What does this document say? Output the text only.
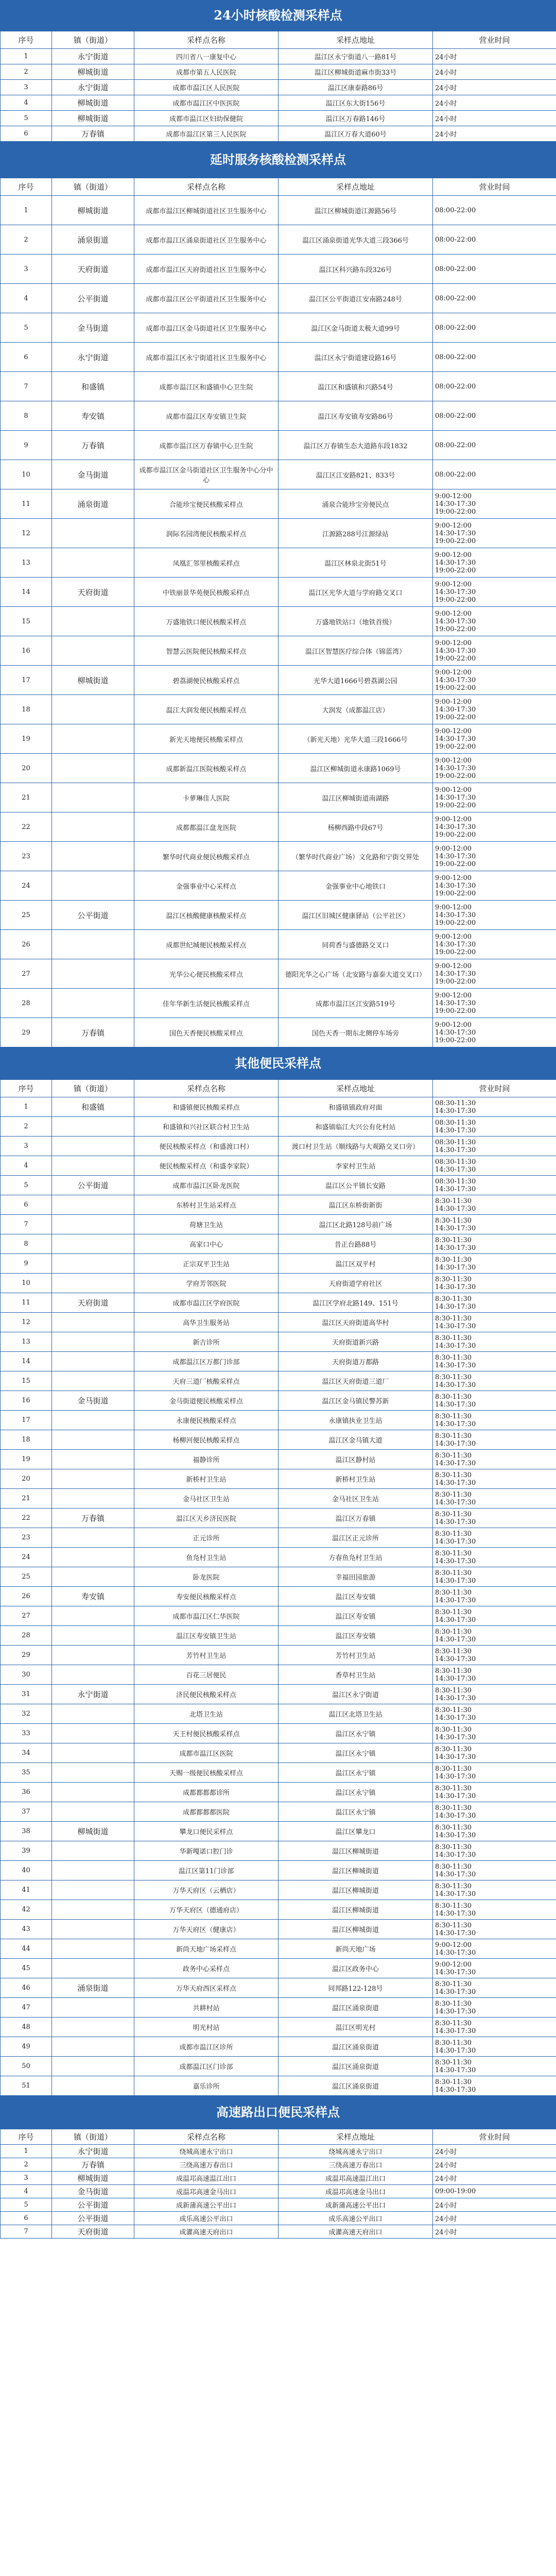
24小时核酸检测采样点
序号	镇（街道）	采样点名称	采样点地址	营业时间
1	永宁街道	四川省八一康复中心	温江区永宁街道八一路81号	24小时
2	柳城街道	成都市第五人民医院	温江区柳城街道麻市街33号	24小时
3	永宁街道	成都市温江区人民医院	温江区康泰路86号	24小时
4	柳城街道	成都市温江区中医医院	温江区东大街156号	24小时
5	柳城街道	成都市温江区妇幼保健院	温江区万春路146号	24小时
6	万春镇	成都市温江区第三人民医院	温江区万春大道60号	24小时
延时服务核酸检测采样点
序号	镇（街道）	采样点名称	采样点地址	营业时间
1	柳城街道	成都市温江区柳城街道社区卫生服务中心	温江区柳城街道江源路56号	08:00-22:00
2	涌泉街道	成都市温江区涌泉街道社区卫生服务中心	温江区涌泉街道光华大道三段366号	08:00-22:00
3	天府街道	成都市温江区天府街道社区卫生服务中心	温江区科兴路东段326号	08:00-22:00
4	公平街道	成都市温江区公平街道社区卫生服务中心	温江区公平街道江安南路248号	08:00-22:00
5	金马街道	成都市温江区金马街道社区卫生服务中心	温江区金马街道太极大道99号	08:00-22:00
6	永宁街道	成都市温江区永宁街道社区卫生服务中心	温江区永宁街道建设路16号	08:00-22:00
7	和盛镇	成都市温江区和盛镇中心卫生院	温江区和盛镇和兴路54号	08:00-22:00
8	寿安镇	成都市温江区寿安镇卫生院	温江区寿安镇寿安路86号	08:00-22:00
9	万春镇	成都市温江区万春镇中心卫生院	温江区万春镇生态大道路东段1832	08:00-22:00
10	金马街道	成都市温江区金马街道社区卫生服务中心分中心	温江区江安路821、833号	08:00-22:00
11	涌泉街道	合能珍宝便民核酸采样点	涌泉合能珍宝旁便民点	9:00-12:00
14:30-17:30
19:00-22:00
12		润际名园湾便民核酸采样点	江源路288号江源绿站	9:00-12:00
14:30-17:30
19:00-22:00
13		凤凰汇邻里核酸采样点	温江区林泉北街51号	9:00-12:00
14:30-17:30
19:00-22:00
14	天府街道	中铁丽景华苑便民核酸采样点	温江区光华大道与学府路交叉口	9:00-12:00
14:30-17:30
19:00-22:00
15		万盛地铁口便民核酸采样点	万盛地铁站口（地铁首级）	9:00-12:00
14:30-17:30
19:00-22:00
16		智慧云医院便民核酸采样点	温江区智慧医疗综合体（锦蓝湾）	9:00-12:00
14:30-17:30
19:00-22:00
17	柳城街道	碧荔湖便民核酸采样点	光华大道1666号碧荔湖公园	9:00-12:00
14:30-17:30
19:00-22:00
18		温江大润发便民核酸采样点	大润发（成都温江店）	9:00-12:00
14:30-17:30
19:00-22:00
19		新光天地便民核酸采样点	（新光天地）光华大道三段1666号	9:00-12:00
14:30-17:30
19:00-22:00
20		成都新温江医院核酸采样点	温江区柳城街道永康路1069号	9:00-12:00
14:30-17:30
19:00-22:00
21		卡萝琳佳人医院	温江区柳城街道南湖路	9:00-12:00
14:30-17:30
19:00-22:00
22		成都都温江盘龙医院	杨柳西路中段67号	9:00-12:00
14:30-17:30
19:00-22:00
23		繁华时代商业便民核酸采样点	（繁华时代商业广场）文化路和宁街交界处	9:00-12:00
14:30-17:30
19:00-22:00
24		金强事业中心采样点	金强事业中心地铁口	9:00-12:00
14:30-17:30
19:00-22:00
25	公平街道	温江区核酸健康核酸采样点	温江区旧城区健康驿站（公平社区）	9:00-12:00
14:30-17:30
19:00-22:00
26		成都世纪城便民核酸采样点	同荷香与盛德路交叉口	9:00-12:00
14:30-17:30
19:00-22:00
27		光华公心便民核酸采样点	德阳光华之心广场（北安路与嘉泰大道交叉口）	9:00-12:00
14:30-17:30
19:00-22:00
28		佳年华新生活便民核酸采样点	成都市温江区江安路519号	9:00-12:00
14:30-17:30
19:00-22:00
29	万春镇	国色天香便民核酸采样点	国色天香一期东北侧停车场旁	9:00-12:00
14:30-17:30
19:00-22:00
其他便民采样点
序号	镇（街道）	采样点名称	采样点地址	营业时间
1	和盛镇	和盛镇便民核酸采样点	和盛镇镇政府对面	08:30-11:30
14:30-17:30
2		和盛镇和兴社区联合村卫生站	和盛镇临江大兴公有化村站	08:30-11:30
14:30-17:30
3		便民核酸采样点（和盛渡口村）	渡口村卫生站（顺线路与大观路交叉口旁）	08:30-11:30
14:30-17:30
4		便民核酸采样点（和盛李家院）	李家村卫生站	08:30-11:30
14:30-17:30
5	公平街道	成都市温江区卧龙医院	温江区公平镇长安路	08:30-11:30
14:30-17:30
6		东桥村卫生站采样点	温江区东桥街新街	8:30-11:30
14:30-17:30
7		荷塘卫生站	温江区北路128号前广场	8:30-11:30
14:30-17:30
8		高家口中心	昔正台路88号	8:30-11:30
14:30-17:30
9		正宗双平卫生站	温江区双平村	8:30-11:30
14:30-17:30
10		学府芳邻医院	天府街道学府社区	8:30-11:30
14:30-17:30
11	天府街道	成都市温江区学府医院	温江区学府北路149、151号	8:30-11:30
14:30-17:30
12		高华卫生服务站	温江区天府街道高华村	8:30-11:30
14:30-17:30
13		新吉诊所	天府街道新兴路	8:30-11:30
14:30-17:30
14		成都温江区万都门诊部	天府街道万都路	8:30-11:30
14:30-17:30
15		天府三道厂核酸采样点	温江区天府街道三道厂	8:30-11:30
14:30-17:30
16	金马街道	金马街道便民核酸采样点	温江区金马镇民警苏新	8:30-11:30
14:30-17:30
17		永康便民核酸采样点	永康镇执业卫生站	8:30-11:30
14:30-17:30
18		杨柳河便民核酸采样点	温江区金马镇大道	8:30-11:30
14:30-17:30
19		福静诊所	温江区静村站	8:30-11:30
14:30-17:30
20		新桥村卫生站	新桥村卫生站	8:30-11:30
14:30-17:30
21		金马社区卫生站	金马社区卫生站	8:30-11:30
14:30-17:30
22	万春镇	温江区天乡济民医院	温江区万春镇	8:30-11:30
14:30-17:30
23		正元诊所	温江区正元诊所	8:30-11:30
14:30-17:30
24		鱼凫村卫生站	方春鱼凫村卫生站	8:30-11:30
14:30-17:30
25		卧龙医院	幸福田园旅游	8:30-11:30
14:30-17:30
26	寿安镇	寿安便民核酸采样点	温江区寿安镇	8:30-11:30
14:30-17:30
27		成都市温江区仁华医院	温江区寿安镇	8:30-11:30
14:30-17:30
28		温江区寿安镇卫生站	温江区寿安镇	8:30-11:30
14:30-17:30
29		芳竹村卫生站	芳竹村卫生站	8:30-11:30
14:30-17:30
30		百花三居便民	香草村卫生站	8:30-11:30
14:30-17:30
31	永宁街道	济民便民核酸采样点	温江区永宁街道	8:30-11:30
14:30-17:30
32		北塔卫生站	温江区北塔卫生站	8:30-11:30
14:30-17:30
33		天王村便民核酸采样点	温江区永宁镇	8:30-11:30
14:30-17:30
34		成都市温江区医院	温江区永宁镇	8:30-11:30
14:30-17:30
35		天赐一级便民核酸采样点	温江区永宁镇	8:30-11:30
14:30-17:30
36		成都都都都诊所	温江区永宁镇	8:30-11:30
14:30-17:30
37		成都都都都医院	温江区永宁镇	8:30-11:30
14:30-17:30
38	柳城街道	攀龙口便民采样点	温江区攀龙口	8:30-11:30
14:30-17:30
39		华新嘎诺口腔门诊	温江区柳城街道	8:30-11:30
14:30-17:30
40		温江区第11门诊部	温江区柳城街道	8:30-11:30
14:30-17:30
41		万华天府区（云栖店）	温江区柳城街道	8:30-11:30
14:30-17:30
42		万华天府区（德通府店）	温江区柳城街道	8:30-11:30
14:30-17:30
43		万华天府区（健康店）	温江区柳城街道	8:30-11:30
14:30-17:30
44		新尚天地广场采样点	新尚天地广场	9:00-12:00
14:30-17:30
45		政务中心采样点	温江区政务中心	9:00-12:00
14:30-17:30
46	涌泉街道	万华天府西区采样点	同邦路122-128号	8:30-11:30
14:30-17:30
47		共耕村站	温江区涌泉街道	8:30-11:30
14:30-17:30
48		明光村站	温江区明光村	8:30-11:30
14:30-17:30
49		成都市温江区诊所	温江区涌泉街道	8:30-11:30
14:30-17:30
50		成都温江区门诊部	温江区涌泉街道	8:30-11:30
14:30-17:30
51		嘉乐诊所	温江区涌泉街道	8:30-11:30
14:30-17:30
高速路出口便民采样点
序号	镇（街道）	采样点名称	采样点地址	营业时间
1	永宁街道	绕城高速永宁出口	绕城高速永宁出口	24小时
2	万春镇	三绕高速万春出口	三绕高速万春出口	24小时
3	柳城街道	成温邛高速温江出口	成温邛高速温江出口	24小时
4	金马街道	成温邛高速金马出口	成温邛高速金马出口	09:00-19:00
5	公平街道	成新蒲高速公平出口	成新蒲高速公平出口	24小时
6	公平街道	成乐高速公平出口	成乐高速公平出口	24小时
7	天府街道	成灌高速天府出口	成灌高速天府出口	24小时
